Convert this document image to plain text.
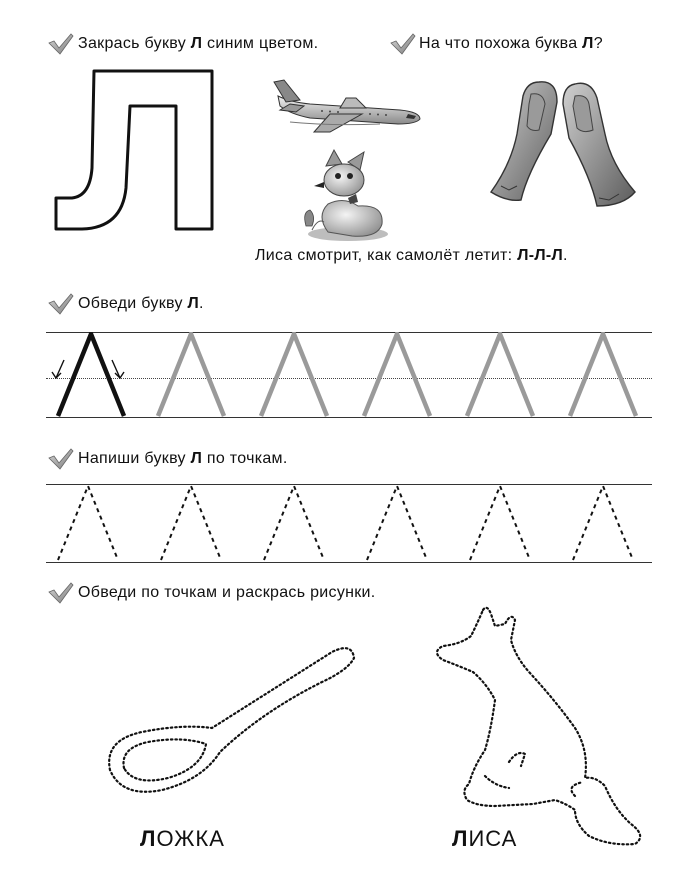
Закрась букву Л синим цветом.	На что похожа буква Л?
Лиса смотрит, как самолёт летит: Л-Л-Л.
Обведи букву Л.
Напиши букву Л по точкам.
Обведи по точкам и раскрась рисунки.
ЛОЖКА	ЛИСА
